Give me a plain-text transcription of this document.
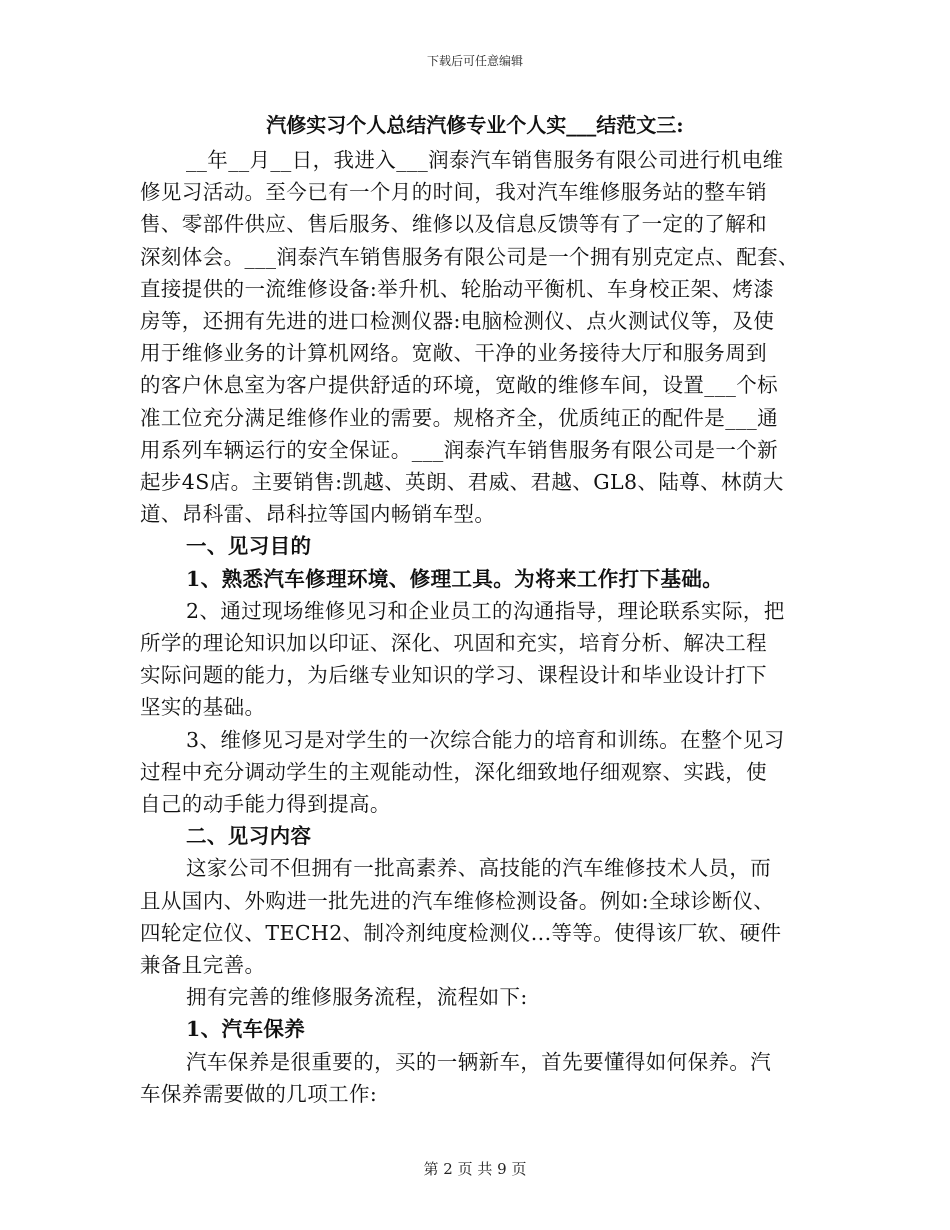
下载后可任意编辑
汽修实习个人总结汽修专业个人实___结范文三:
__年__月__日，我进入___润泰汽车销售服务有限公司进行机电维
修见习活动。至今已有一个月的时间，我对汽车维修服务站的整车销
售、零部件供应、售后服务、维修以及信息反馈等有了一定的了解和
深刻体会。___润泰汽车销售服务有限公司是一个拥有别克定点、配套、
直接提供的一流维修设备:举升机、轮胎动平衡机、车身校正架、烤漆
房等，还拥有先进的进口检测仪器:电脑检测仪、点火测试仪等，及使
用于维修业务的计算机网络。宽敞、干净的业务接待大厅和服务周到
的客户休息室为客户提供舒适的环境，宽敞的维修车间，设置___个标
准工位充分满足维修作业的需要。规格齐全，优质纯正的配件是___通
用系列车辆运行的安全保证。___润泰汽车销售服务有限公司是一个新
起步4S店。主要销售:凯越、英朗、君威、君越、GL8、陆尊、林荫大
道、昂科雷、昂科拉等国内畅销车型。
一、见习目的
1、熟悉汽车修理环境、修理工具。为将来工作打下基础。
2、通过现场维修见习和企业员工的沟通指导，理论联系实际，把
所学的理论知识加以印证、深化、巩固和充实，培育分析、解决工程
实际问题的能力，为后继专业知识的学习、课程设计和毕业设计打下
坚实的基础。
3、维修见习是对学生的一次综合能力的培育和训练。在整个见习
过程中充分调动学生的主观能动性，深化细致地仔细观察、实践，使
自己的动手能力得到提高。
二、见习内容
这家公司不但拥有一批高素养、高技能的汽车维修技术人员，而
且从国内、外购进一批先进的汽车维修检测设备。例如:全球诊断仪、
四轮定位仪、TECH2、制冷剂纯度检测仪...等等。使得该厂软、硬件
兼备且完善。
拥有完善的维修服务流程，流程如下:
1、汽车保养
汽车保养是很重要的，买的一辆新车，首先要懂得如何保养。汽
车保养需要做的几项工作:
第 2 页 共 9 页
